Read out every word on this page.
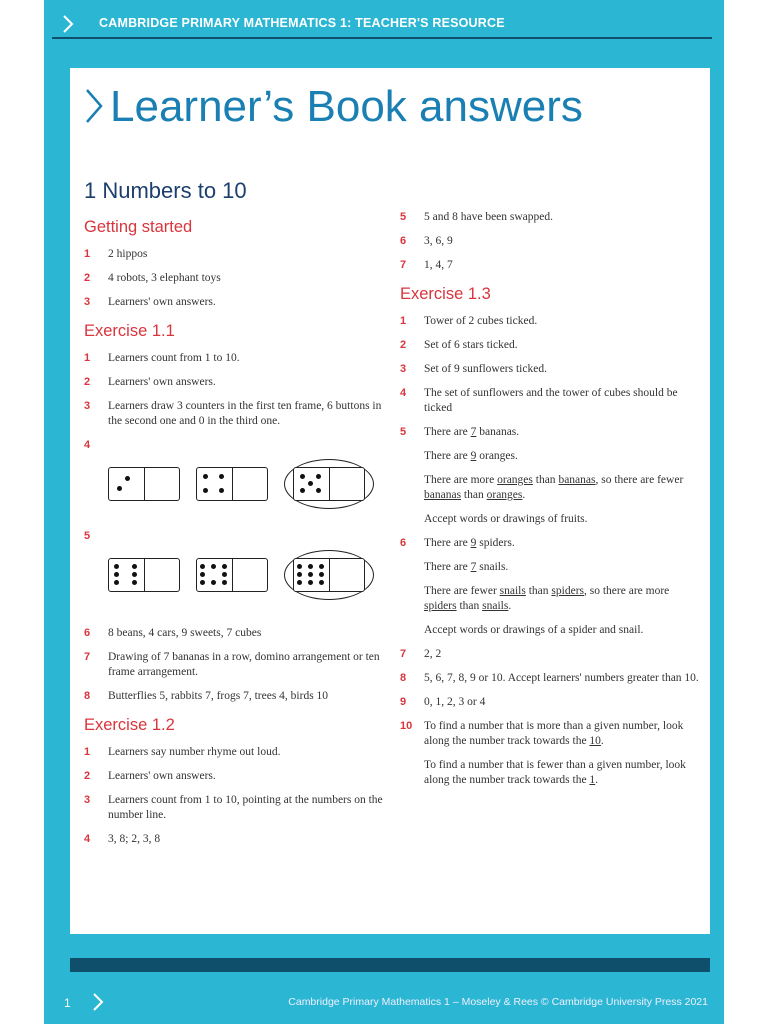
CAMBRIDGE PRIMARY MATHEMATICS 1: TEACHER'S RESOURCE
Learner’s Book answers
1 Numbers to 10
Getting started
1	2 hippos
2	4 robots, 3 elephant toys
3	Learners' own answers.
Exercise 1.1
1	Learners count from 1 to 10.
2	Learners' own answers.
3	Learners draw 3 counters in the first ten frame, 6 buttons in the second one and 0 in the third one.
4
5
6	8 beans, 4 cars, 9 sweets, 7 cubes
7	Drawing of 7 bananas in a row, domino arrangement or ten frame arrangement.
8	Butterflies 5, rabbits 7, frogs 7, trees 4, birds 10
Exercise 1.2
1	Learners say number rhyme out loud.
2	Learners' own answers.
3	Learners count from 1 to 10, pointing at the numbers on the number line.
4	3, 8; 2, 3, 8
5	5 and 8 have been swapped.
6	3, 6, 9
7	1, 4, 7
Exercise 1.3
1	Tower of 2 cubes ticked.
2	Set of 6 stars ticked.
3	Set of 9 sunflowers ticked.
4	The set of sunflowers and the tower of cubes should be ticked
5	There are 7 bananas.
There are 9 oranges.
There are more oranges than bananas, so there are fewer bananas than oranges.
Accept words or drawings of fruits.
6	There are 9 spiders.
There are 7 snails.
There are fewer snails than spiders, so there are more spiders than snails.
Accept words or drawings of a spider and snail.
7	2, 2
8	5, 6, 7, 8, 9 or 10. Accept learners' numbers greater than 10.
9	0, 1, 2, 3 or 4
10	To find a number that is more than a given number, look along the number track towards the 10.
To find a number that is fewer than a given number, look along the number track towards the 1.
1	Cambridge Primary Mathematics 1 – Moseley & Rees © Cambridge University Press 2021
